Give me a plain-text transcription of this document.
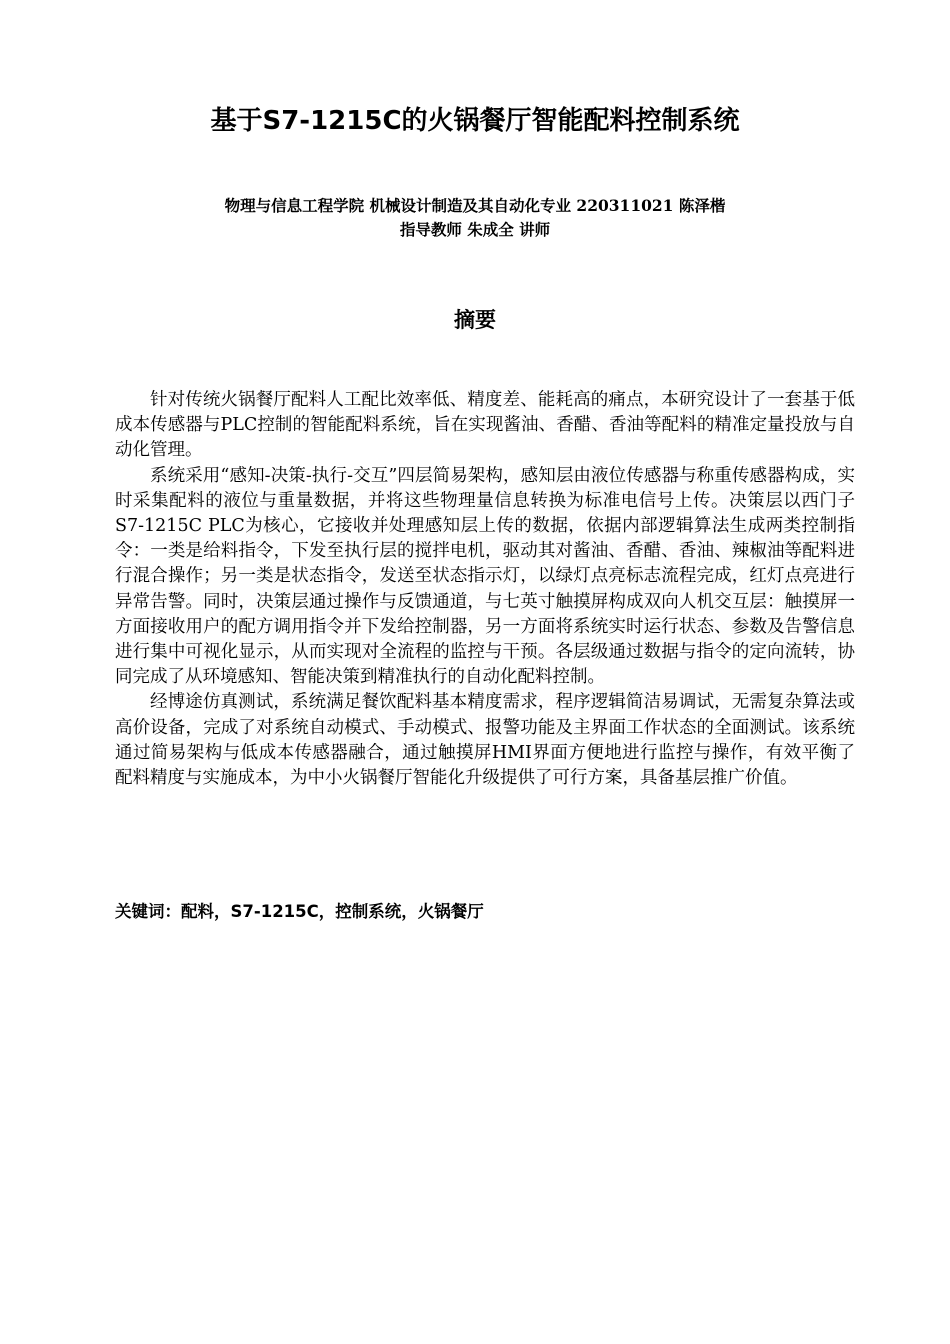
基于S7-1215C的火锅餐厅智能配料控制系统
物理与信息工程学院 机械设计制造及其自动化专业 220311021 陈泽楷
指导教师 朱成全 讲师
摘要

针对传统火锅餐厅配料人工配比效率低、精度差、能耗高的痛点，本研究设计了一套基于低成本传感器与PLC控制的智能配料系统，旨在实现酱油、香醋、香油等配料的精准定量投放与自动化管理。

系统采用“感知-决策-执行-交互”四层简易架构，感知层由液位传感器与称重传感器构成，实时采集配料的液位与重量数据，并将这些物理量信息转换为标准电信号上传。决策层以西门子 S7-1215C PLC为核心，它接收并处理感知层上传的数据，依据内部逻辑算法生成两类控制指令：一类是给料指令，下发至执行层的搅拌电机，驱动其对酱油、香醋、香油、辣椒油等配料进行混合操作；另一类是状态指令，发送至状态指示灯，以绿灯点亮标志流程完成，红灯点亮进行异常告警。同时，决策层通过操作与反馈通道，与七英寸触摸屏构成双向人机交互层：触摸屏一方面接收用户的配方调用指令并下发给控制器，另一方面将系统实时运行状态、参数及告警信息进行集中可视化显示，从而实现对全流程的监控与干预。各层级通过数据与指令的定向流转，协同完成了从环境感知、智能决策到精准执行的自动化配料控制。

经博途仿真测试，系统满足餐饮配料基本精度需求，程序逻辑简洁易调试，无需复杂算法或高价设备，完成了对系统自动模式、手动模式、报警功能及主界面工作状态的全面测试。该系统通过简易架构与低成本传感器融合，通过触摸屏HMI界面方便地进行监控与操作，有效平衡了配料精度与实施成本，为中小火锅餐厅智能化升级提供了可行方案，具备基层推广价值。

关键词：配料，S7-1215C，控制系统，火锅餐厅
